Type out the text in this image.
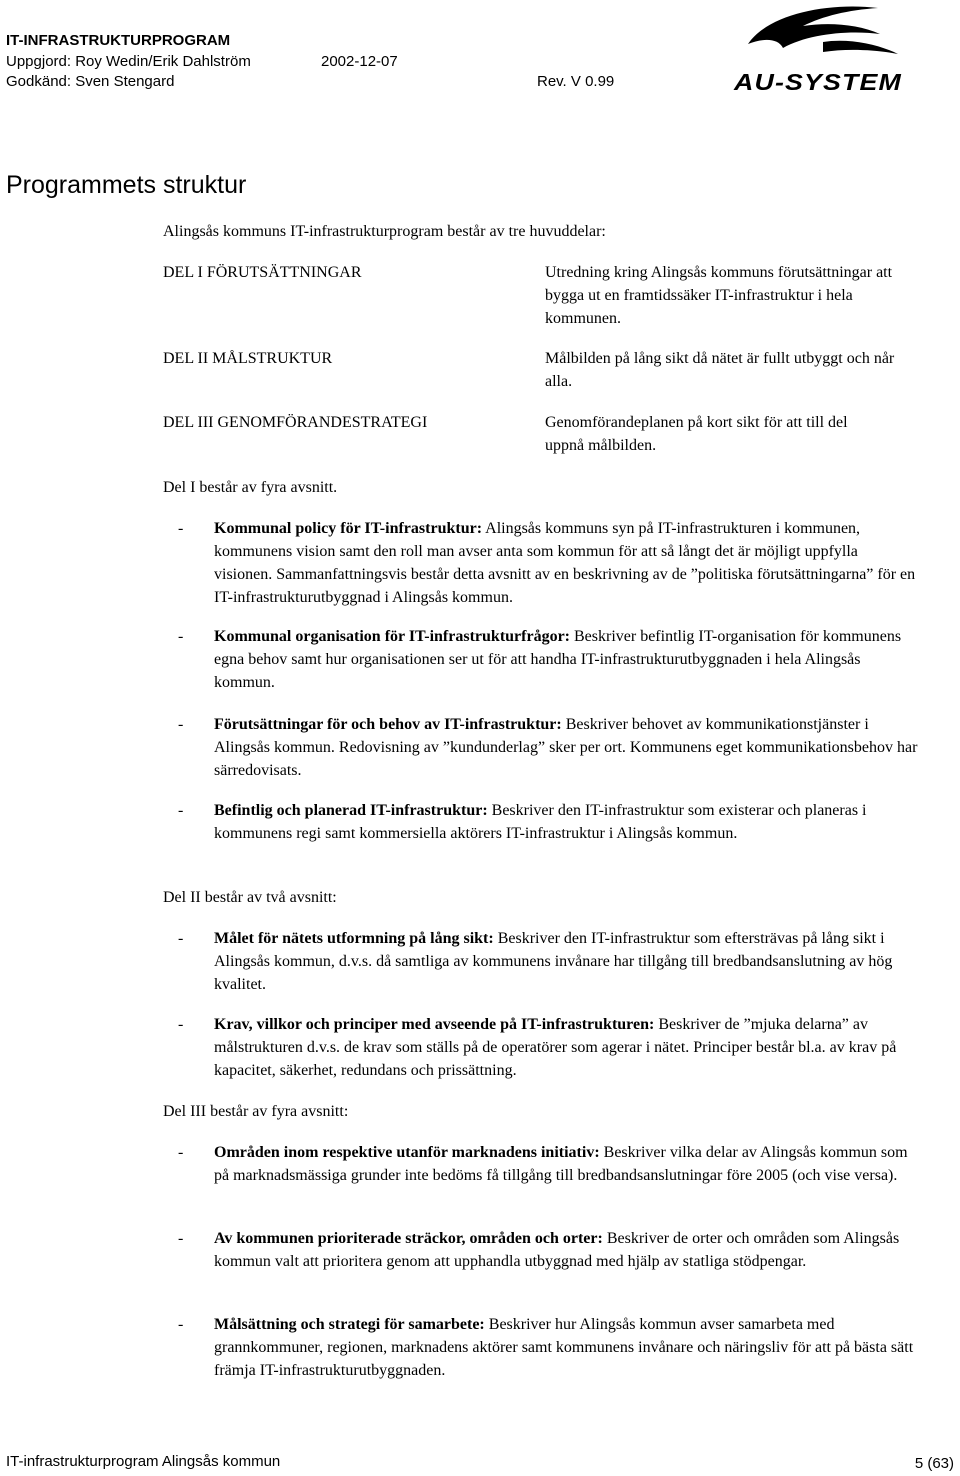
IT-INFRASTRUKTURPROGRAM
Uppgjord: Roy Wedin/Erik Dahlström	2002-12-07
Godkänd: Sven Stengard	Rev. V 0.99	AU-SYSTEM
Programmets struktur
Alingsås kommuns IT-infrastrukturprogram består av tre huvuddelar:
DEL I FÖRUTSÄTTNINGAR	Utredning kring Alingsås kommuns förutsättningar att bygga ut en framtidssäker IT-infrastruktur i hela kommunen.
DEL II MÅLSTRUKTUR	Målbilden på lång sikt då nätet är fullt utbyggt och når alla.
DEL III GENOMFÖRANDESTRATEGI	Genomförandeplanen på kort sikt för att till del uppnå målbilden.
Del I består av fyra avsnitt.
- Kommunal policy för IT-infrastruktur: Alingsås kommuns syn på IT-infrastrukturen i kommunen, kommunens vision samt den roll man avser anta som kommun för att så långt det är möjligt uppfylla visionen. Sammanfattningsvis består detta avsnitt av en beskrivning av de ”politiska förutsättningarna” för en IT-infrastrukturutbyggnad i Alingsås kommun.
- Kommunal organisation för IT-infrastrukturfrågor: Beskriver befintlig IT-organisation för kommunens egna behov samt hur organisationen ser ut för att handha IT-infrastrukturutbyggnaden i hela Alingsås kommun.
- Förutsättningar för och behov av IT-infrastruktur: Beskriver behovet av kommunikationstjänster i Alingsås kommun. Redovisning av ”kundunderlag” sker per ort. Kommunens eget kommunikationsbehov har särredovisats.
- Befintlig och planerad IT-infrastruktur: Beskriver den IT-infrastruktur som existerar och planeras i kommunens regi samt kommersiella aktörers IT-infrastruktur i Alingsås kommun.
Del II består av två avsnitt:
- Målet för nätets utformning på lång sikt: Beskriver den IT-infrastruktur som eftersträvas på lång sikt i Alingsås kommun, d.v.s. då samtliga av kommunens invånare har tillgång till bredbandsanslutning av hög kvalitet.
- Krav, villkor och principer med avseende på IT-infrastrukturen: Beskriver de ”mjuka delarna” av målstrukturen d.v.s. de krav som ställs på de operatörer som agerar i nätet. Principer består bl.a. av krav på kapacitet, säkerhet, redundans och prissättning.
Del III består av fyra avsnitt:
- Områden inom respektive utanför marknadens initiativ: Beskriver vilka delar av Alingsås kommun som på marknadsmässiga grunder inte bedöms få tillgång till bredbandsanslutningar före 2005 (och vise versa).
- Av kommunen prioriterade sträckor, områden och orter: Beskriver de orter och områden som Alingsås kommun valt att prioritera genom att upphandla utbyggnad med hjälp av statliga stödpengar.
- Målsättning och strategi för samarbete: Beskriver hur Alingsås kommun avser samarbeta med grannkommuner, regionen, marknadens aktörer samt kommunens invånare och näringsliv för att på bästa sätt främja IT-infrastrukturutbyggnaden.
IT-infrastrukturprogram Alingsås kommun	5 (63)
